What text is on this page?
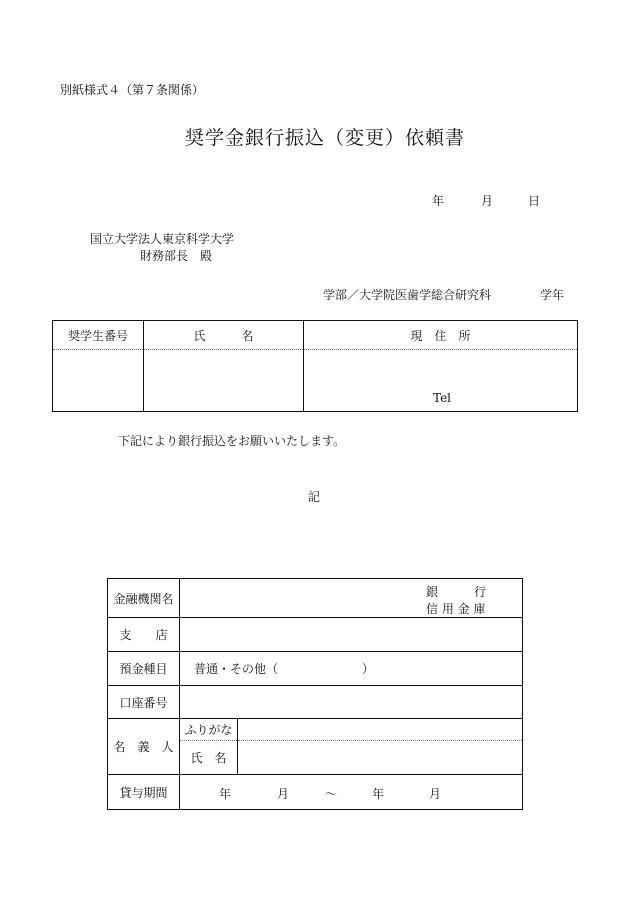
別紙様式４（第７条関係）
奨学金銀行振込（変更）依頼書
年	月	日
国立大学法人東京科学大学
財務部長　殿
学部／大学院医歯学総合研究科	学年
奨学生番号	氏　　　名	現　住　所

		Tel
下記により銀行振込をお願いいたします。
記
金融機関名	銀　　　行
信 用 金 庫	

支　　店		
預金種目	普通・その他（　　　　　　　）	
口座番号		
名　義　人	ふりがな	
	氏　名	
貸与期間	年 月 ～ 年 月	
